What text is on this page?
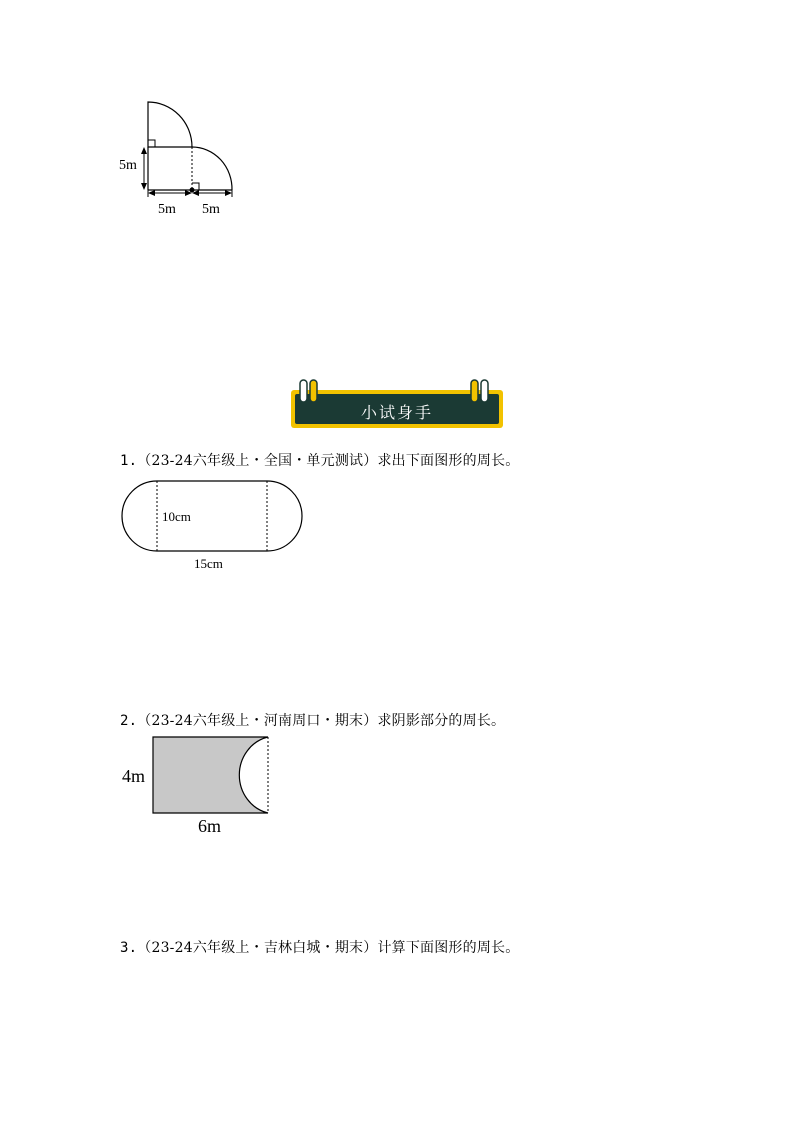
5m
5m 5m
小试身手
1.（23-24六年级上・全国・单元测试）求出下面图形的周长。
10cm
15cm
2.（23-24六年级上・河南周口・期末）求阴影部分的周长。
4m
6m
3.（23-24六年级上・吉林白城・期末）计算下面图形的周长。
